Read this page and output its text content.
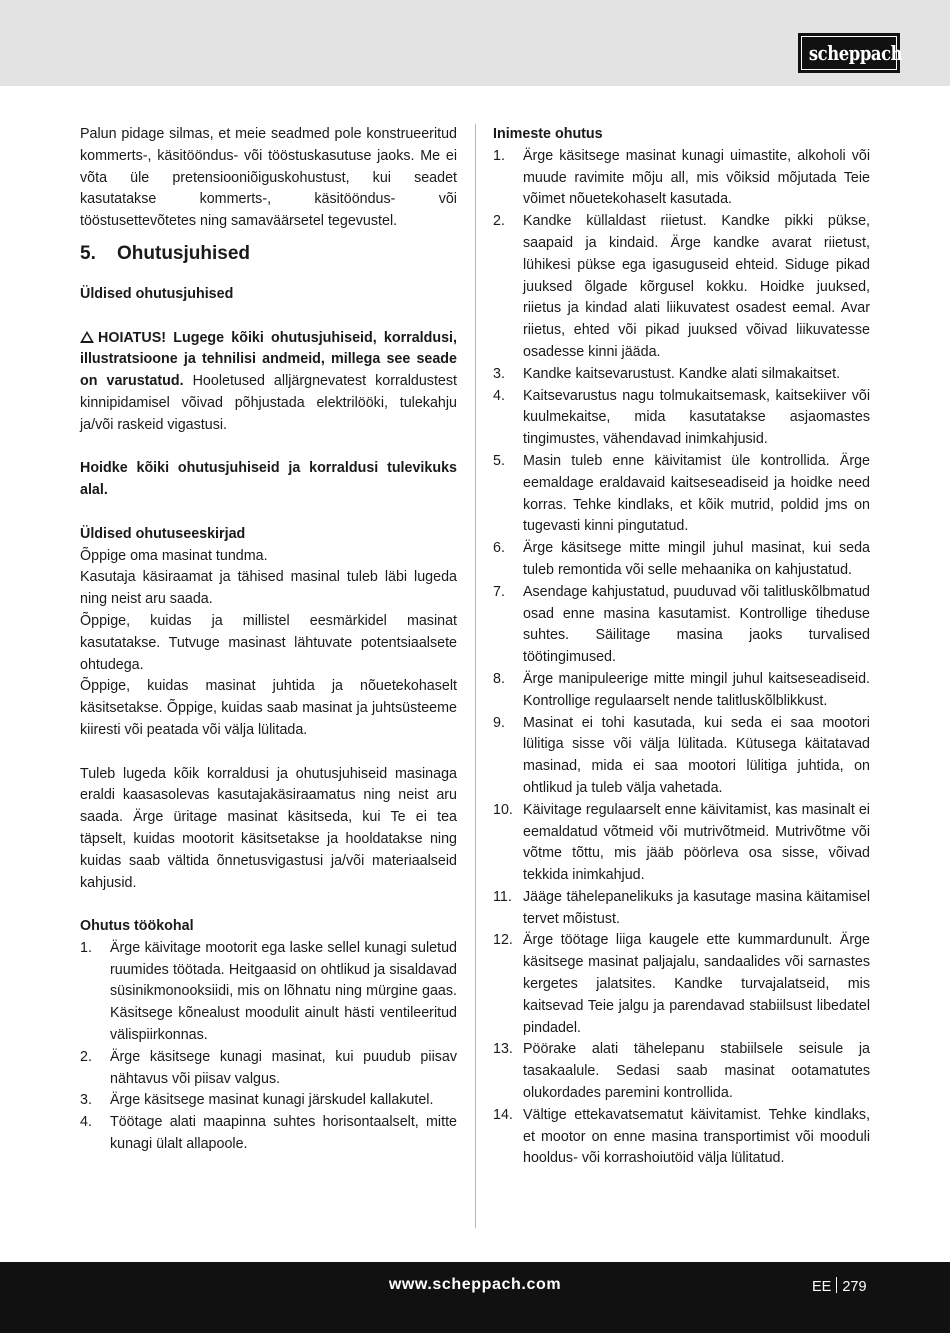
scheppach

Palun pidage silmas, et meie seadmed pole konstrueeritud kommerts-, käsitööndus- või tööstuskasutuse jaoks. Me ei võta üle pretensiooniõiguskohustust, kui seadet kasutatakse kommerts-, käsitööndus- või tööstusettevõtetes ning samaväärsetel tegevustel.

5. Ohutusjuhised

Üldised ohutusjuhised

HOIATUS! Lugege kõiki ohutusjuhiseid, korraldusi, illustratsioone ja tehnilisi andmeid, millega see seade on varustatud. Hooletused alljärgnevatest korraldustest kinnipidamisel võivad põhjustada elektrilööki, tulekahju ja/või raskeid vigastusi.

Hoidke kõiki ohutusjuhiseid ja korraldusi tulevikuks alal.

Üldised ohutuseeskirjad

Õppige oma masinat tundma.

Kasutaja käsiraamat ja tähised masinal tuleb läbi lugeda ning neist aru saada.

Õppige, kuidas ja millistel eesmärkidel masinat kasutatakse. Tutvuge masinast lähtuvate potentsiaalsete ohtudega.

Õppige, kuidas masinat juhtida ja nõuetekohaselt käsitsetakse. Õppige, kuidas saab masinat ja juhtsüsteeme kiiresti või peatada või välja lülitada.

Tuleb lugeda kõik korraldusi ja ohutusjuhiseid masinaga eraldi kaasasolevas kasutajakäsiraamatus ning neist aru saada. Ärge üritage masinat käsitseda, kui Te ei tea täpselt, kuidas mootorit käsitsetakse ja hooldatakse ning kuidas saab vältida õnnetusvigastusi ja/või materiaalseid kahjusid.

Ohutus töökohal

1. Ärge käivitage mootorit ega laske sellel kunagi suletud ruumides töötada. Heitgaasid on ohtlikud ja sisaldavad süsinikmonooksiidi, mis on lõhnatu ning mürgine gaas. Käsitsege kõnealust moodulit ainult hästi ventileeritud välispiirkonnas.
2. Ärge käsitsege kunagi masinat, kui puudub piisav nähtavus või piisav valgus.
3. Ärge käsitsege masinat kunagi järskudel kallakutel.
4. Töötage alati maapinna suhtes horisontaalselt, mitte kunagi ülalt allapoole.

Inimeste ohutus

1. Ärge käsitsege masinat kunagi uimastite, alkoholi või muude ravimite mõju all, mis võiksid mõjutada Teie võimet nõuetekohaselt kasutada.
2. Kandke küllaldast riietust. Kandke pikki pükse, saapaid ja kindaid. Ärge kandke avarat riietust, lühikesi pükse ega igasuguseid ehteid. Siduge pikad juuksed õlgade kõrgusel kokku. Hoidke juuksed, riietus ja kindad alati liikuvatest osadest eemal. Avar riietus, ehted või pikad juuksed võivad liikuvatesse osadesse kinni jääda.
3. Kandke kaitsevarustust. Kandke alati silmakaitset.
4. Kaitsevarustus nagu tolmukaitsemask, kaitsekiiver või kuulmekaitse, mida kasutatakse asjaomastes tingimustes, vähendavad inimkahjusid.
5. Masin tuleb enne käivitamist üle kontrollida. Ärge eemaldage eraldavaid kaitseseadiseid ja hoidke need korras. Tehke kindlaks, et kõik mutrid, poldid jms on tugevasti kinni pingutatud.
6. Ärge käsitsege mitte mingil juhul masinat, kui seda tuleb remontida või selle mehaanika on kahjustatud.
7. Asendage kahjustatud, puuduvad või talitluskõlbmatud osad enne masina kasutamist. Kontrollige tiheduse suhtes. Säilitage masina jaoks turvalised töötingimused.
8. Ärge manipuleerige mitte mingil juhul kaitseseadiseid. Kontrollige regulaarselt nende talitluskõlblikkust.
9. Masinat ei tohi kasutada, kui seda ei saa mootori lülitiga sisse või välja lülitada. Kütusega käitatavad masinad, mida ei saa mootori lülitiga juhtida, on ohtlikud ja tuleb välja vahetada.
10. Käivitage regulaarselt enne käivitamist, kas masinalt ei eemaldatud võtmeid või mutrivõtmeid. Mutrivõtme või võtme tõttu, mis jääb pöörleva osa sisse, võivad tekkida inimkahjud.
11. Jääge tähelepanelikuks ja kasutage masina käitamisel tervet mõistust.
12. Ärge töötage liiga kaugele ette kummardunult. Ärge käsitsege masinat paljajalu, sandaalides või sarnastes kergetes jalatsites. Kandke turvajalatseid, mis kaitsevad Teie jalgu ja parendavad stabiilsust libedatel pindadel.
13. Pöörake alati tähelepanu stabiilsele seisule ja tasakaalule. Sedasi saab masinat ootamatutes olukordades paremini kontrollida.
14. Vältige ettekavatsematut käivitamist. Tehke kindlaks, et mootor on enne masina transportimist või mooduli hooldus- või korrashoiutöid välja lülitatud.
www.scheppach.com	EE 279
